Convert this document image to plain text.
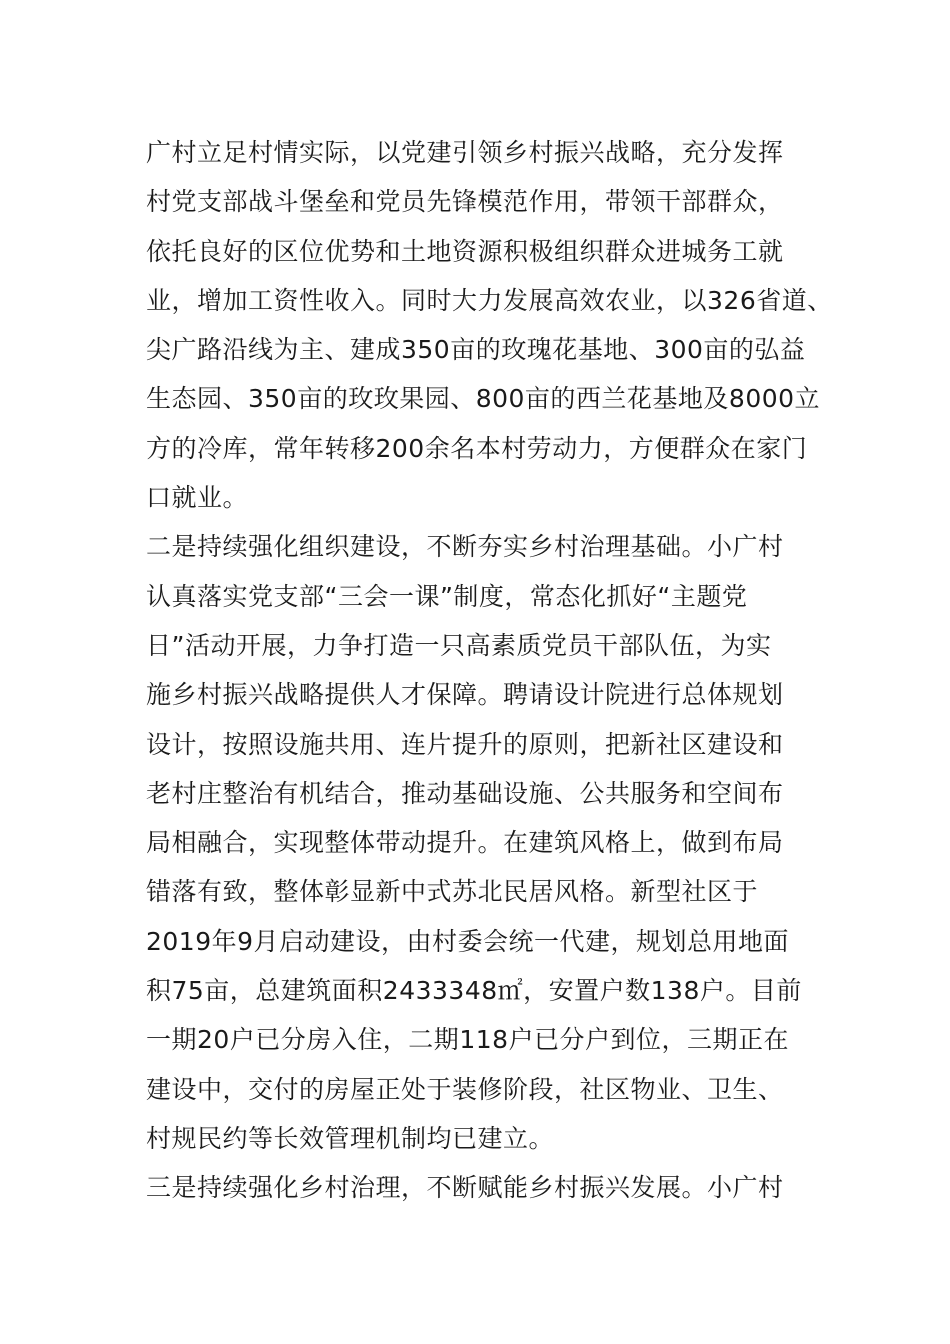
广村立足村情实际，以党建引领乡村振兴战略，充分发挥
村党支部战斗堡垒和党员先锋模范作用，带领干部群众，
依托良好的区位优势和土地资源积极组织群众进城务工就
业，增加工资性收入。同时大力发展高效农业，以326省道、
尖广路沿线为主、建成350亩的玫瑰花基地、300亩的弘益
生态园、350亩的玫玫果园、800亩的西兰花基地及8000立
方的冷库，常年转移200余名本村劳动力，方便群众在家门
口就业。
二是持续强化组织建设，不断夯实乡村治理基础。小广村
认真落实党支部“三会一课”制度，常态化抓好“主题党
日”活动开展，力争打造一只高素质党员干部队伍，为实
施乡村振兴战略提供人才保障。聘请设计院进行总体规划
设计，按照设施共用、连片提升的原则，把新社区建设和
老村庄整治有机结合，推动基础设施、公共服务和空间布
局相融合，实现整体带动提升。在建筑风格上，做到布局
错落有致，整体彰显新中式苏北民居风格。新型社区于
2019年9月启动建设，由村委会统一代建，规划总用地面
积75亩，总建筑面积2433348㎡，安置户数138户。目前
一期20户已分房入住，二期118户已分户到位，三期正在
建设中，交付的房屋正处于装修阶段，社区物业、卫生、
村规民约等长效管理机制均已建立。
三是持续强化乡村治理，不断赋能乡村振兴发展。小广村
